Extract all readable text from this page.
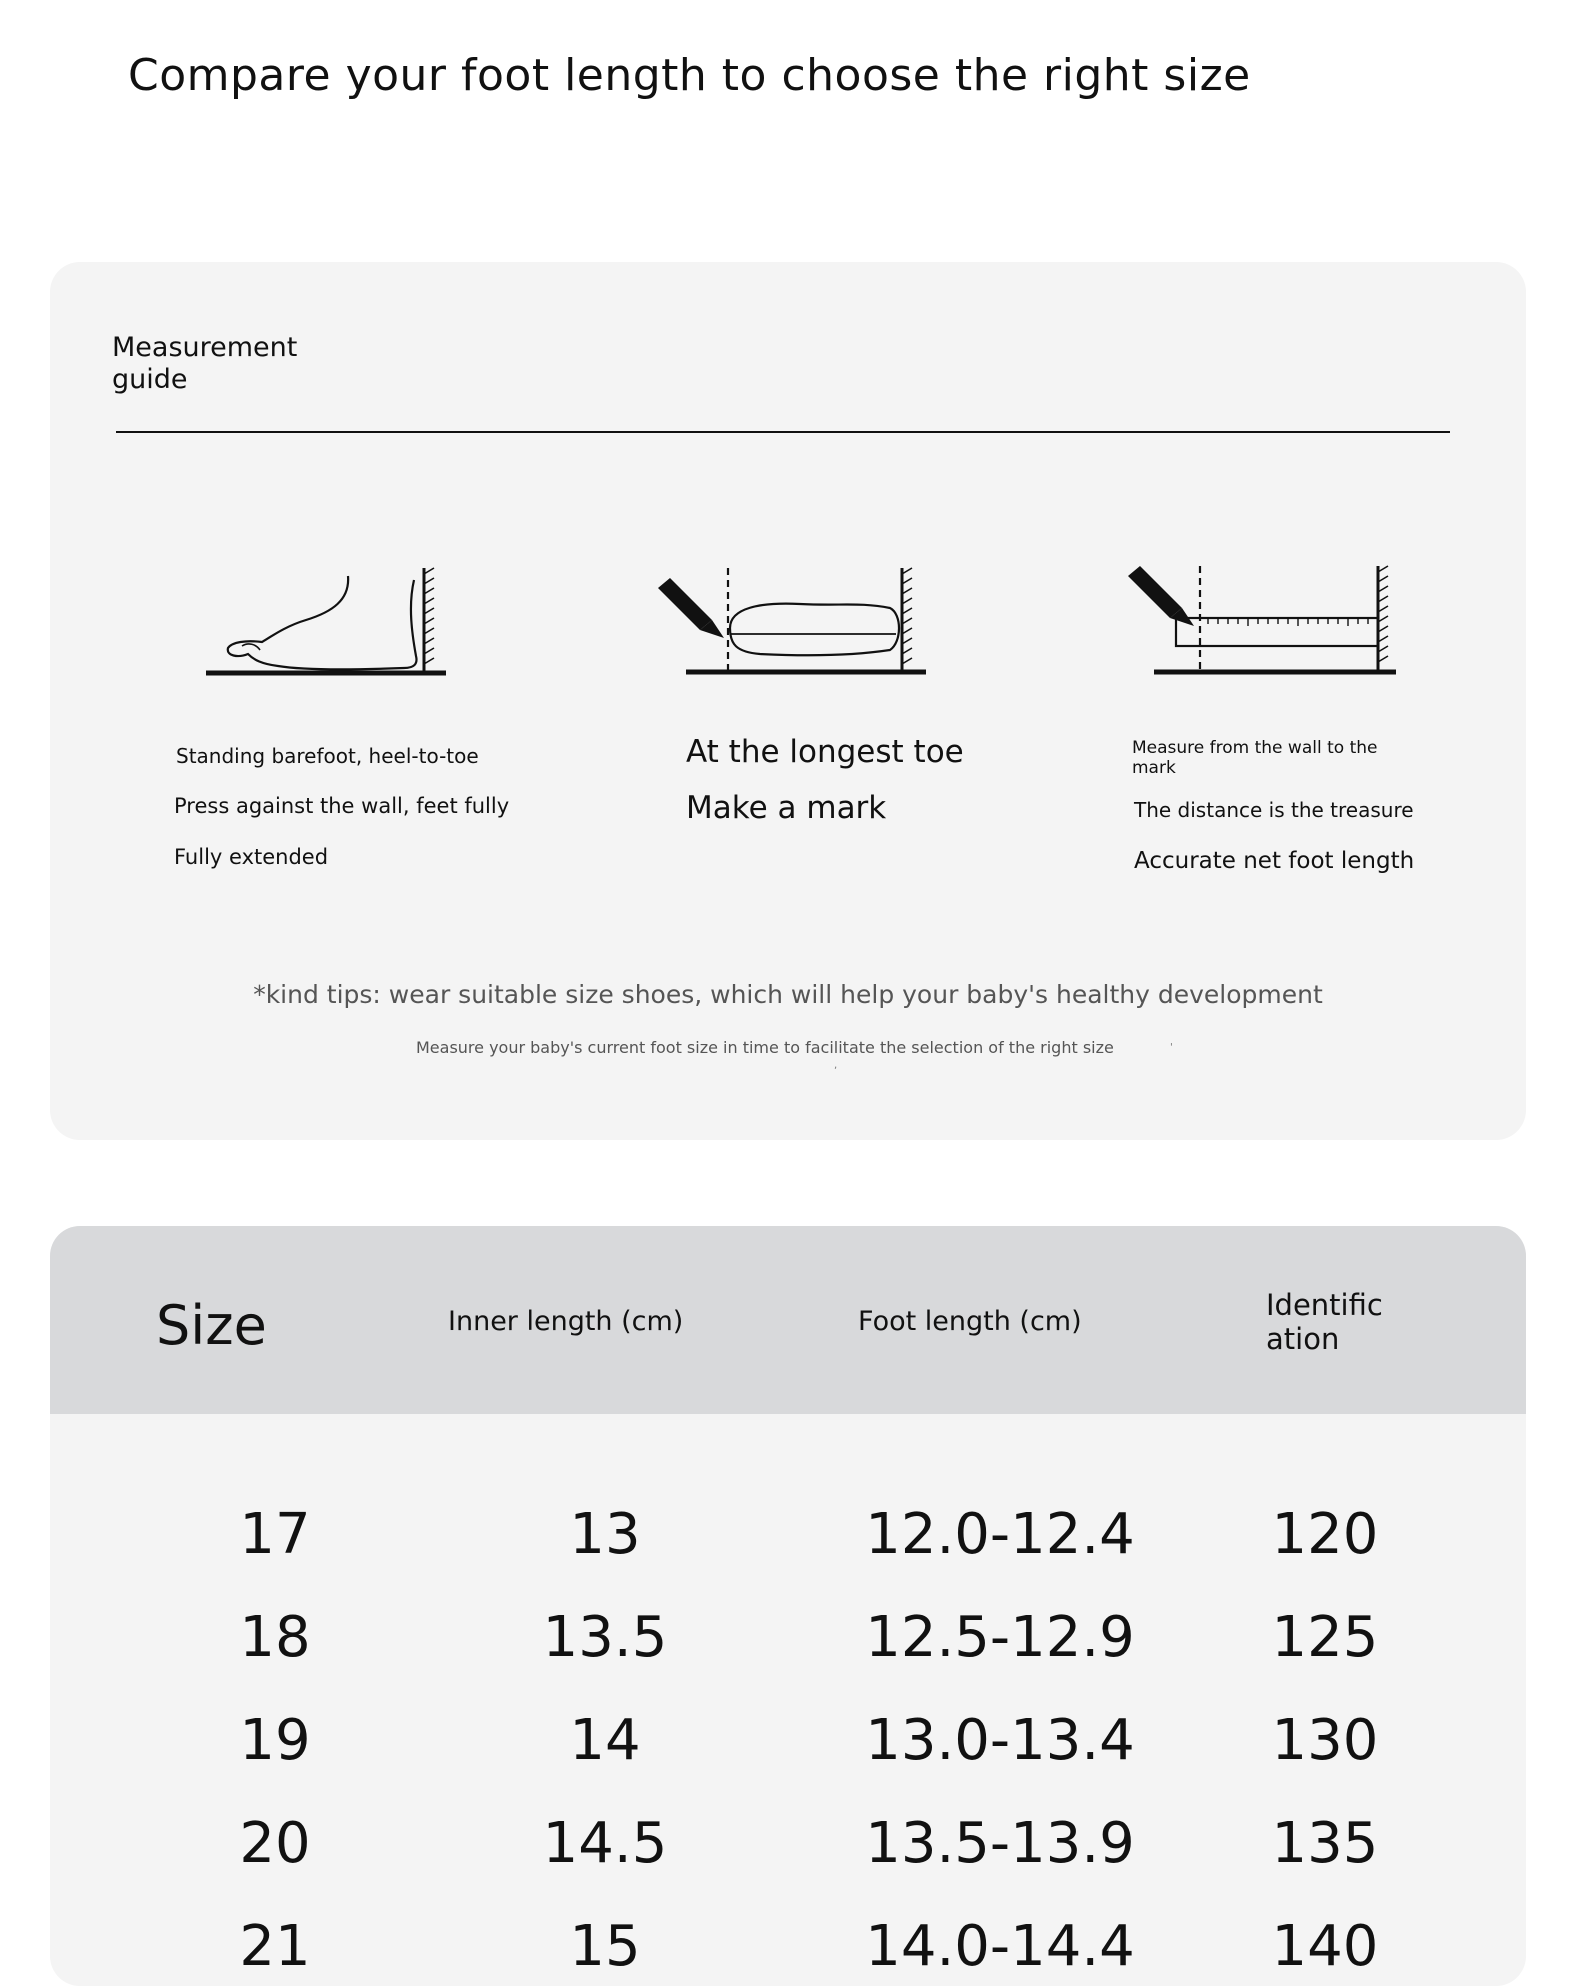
Compare your foot length to choose the right size
Measurement guide
Standing barefoot, heel-to-toe
Press against the wall, feet fully
Fully extended
At the longest toe
Make a mark
Measure from the wall to the mark
The distance is the treasure
Accurate net foot length

*kind tips: wear suitable size shoes, which will help your baby's healthy development

Measure your baby's current foot size in time to facilitate the selection of the right size

,
'
Size	Inner length (cm)	Foot length (cm)	Identific ation
17	13	12.0-12.4	120
18	13.5	12.5-12.9	125
19	14	13.0-13.4	130
20	14.5	13.5-13.9	135
21	15	14.0-14.4	140
